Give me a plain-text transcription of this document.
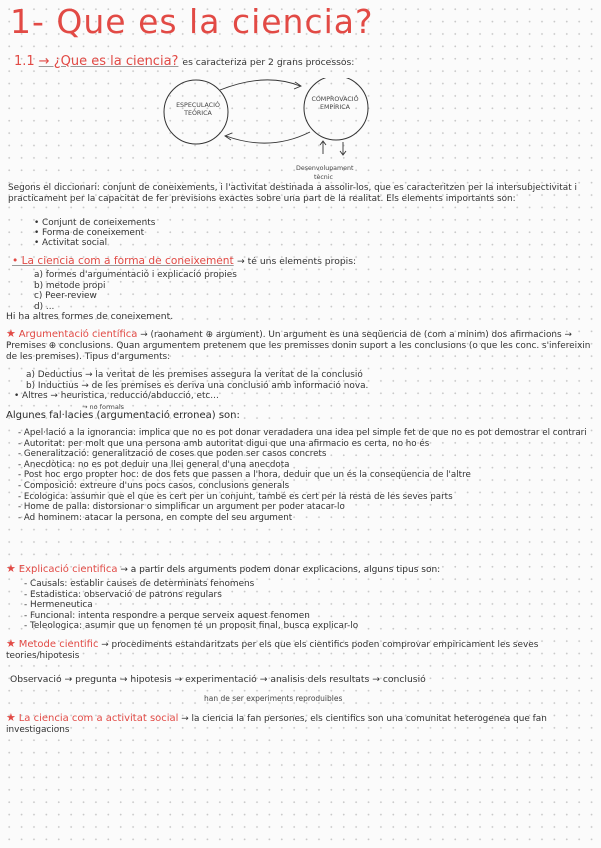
1- Que es la ciencia?
1.1 → ¿Que es la ciencia? es caracteriza per 2 grans processos:
ESPECULACIÓ TEÒRICA
COMPROVACIÓ EMPÍRICA
Desenvolupament
tècnic
Segons el diccionari: conjunt de coneixements, i l'activitat destinada a assolir-los, que es caracteritzen per la intersubjectivitat i practicament per la capacitat de fer previsions exactes sobre una part de la realitat. Els elements importants son:
• Conjunt de coneixements
• Forma de coneixement
• Activitat social
• La ciencia com a forma de coneixement → té uns elements propis:
a) formes d'argumentació i explicació propies
b) metode propi
c) Peer-review
d) ...
Hi ha altres formes de coneixement.
★ Argumentació científica → (raonament ⊕ argument). Un argument es una seqüencia de (com a minim) dos afirmacions → Premises ⊕ conclusions. Quan argumentem pretenem que les premisses donin suport a les conclusions (o que les conc. s'infereixin de les premises). Tipus d'arguments:
a) Deductius → la veritat de les premises assegura la veritat de la conclusió
b) Inductius → de les premises es deriva una conclusió amb informació nova.
• Altres → heuristica, reducció/abducció, etc...
→ no formals
Algunes fal·lacies (argumentació erronea) son:
- Apel·lació a la ignorancia: implica que no es pot donar veradadera una idea pel simple fet de que no es pot demostrar el contrari
- Autoritat: per molt que una persona amb autoritat digui que una afirmacio es certa, no ho és
- Generalització: generalització de coses que poden ser casos concrets
- Anecdòtica: no es pot deduir una llei general d'una anecdota
- Post hoc ergo propter hoc: de dos fets que passen a l'hora, deduir que un és la conseqüencia de l'altre
- Composició: extreure d'uns pocs casos, conclusions generals
- Ecologica: assumir que el que es cert per un conjunt, també es cert per la resta de les seves parts
- Home de palla: distorsionar o simplificar un argument per poder atacar-lo
- Ad hominem: atacar la persona, en compte del seu argument
★ Explicació cientifica → a partir dels arguments podem donar explicacions, alguns tipus son:
- Causals: establir causes de determinats fenomens
- Estadistica: observació de patrons regulars
- Hermeneutica
- Funcional: intenta respondre a perque serveix aquest fenomen
- Teleologica: asumir que un fenomen té un proposit final, busca explicar-lo
★ Metode cientific → procediments estandaritzats per els que els cientifics poden comprovar empiricament les seves teories/hipotesis
Observació → pregunta → hipotesis → experimentació → analisis dels resultats → conclusió
han de ser experiments reproduibles
★ La ciencia com a activitat social → la ciencia la fan persones, els cientifics son una comunitat heterogenea que fan investigacions
